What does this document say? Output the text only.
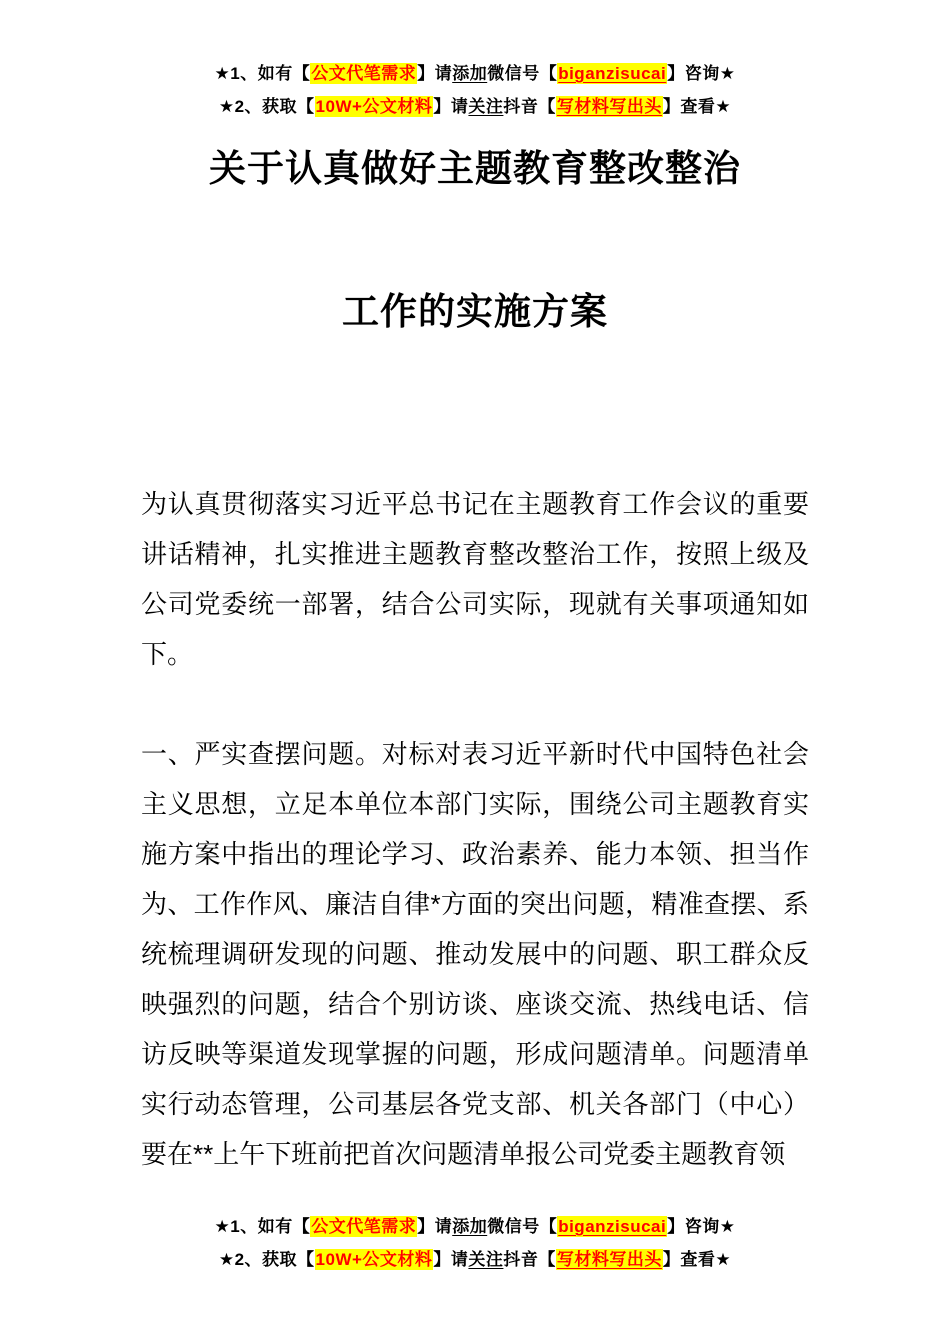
★1、如有【公文代笔需求】请添加微信号【biganzisucai】咨询★
★2、获取【10W+公文材料】请关注抖音【写材料写出头】查看★
关于认真做好主题教育整改整治
工作的实施方案

为认真贯彻落实习近平总书记在主题教育工作会议的重要讲话精神，扎实推进主题教育整改整治工作，按照上级及公司党委统一部署，结合公司实际，现就有关事项通知如下。

一、严实查摆问题。对标对表习近平新时代中国特色社会主义思想，立足本单位本部门实际，围绕公司主题教育实施方案中指出的理论学习、政治素养、能力本领、担当作为、工作作风、廉洁自律*方面的突出问题，精准查摆、系统梳理调研发现的问题、推动发展中的问题、职工群众反映强烈的问题，结合个别访谈、座谈交流、热线电话、信访反映等渠道发现掌握的问题，形成问题清单。问题清单实行动态管理，公司基层各党支部、机关各部门（中心）要在**上午下班前把首次问题清单报公司党委主题教育领

★1、如有【公文代笔需求】请添加微信号【biganzisucai】咨询★
★2、获取【10W+公文材料】请关注抖音【写材料写出头】查看★
